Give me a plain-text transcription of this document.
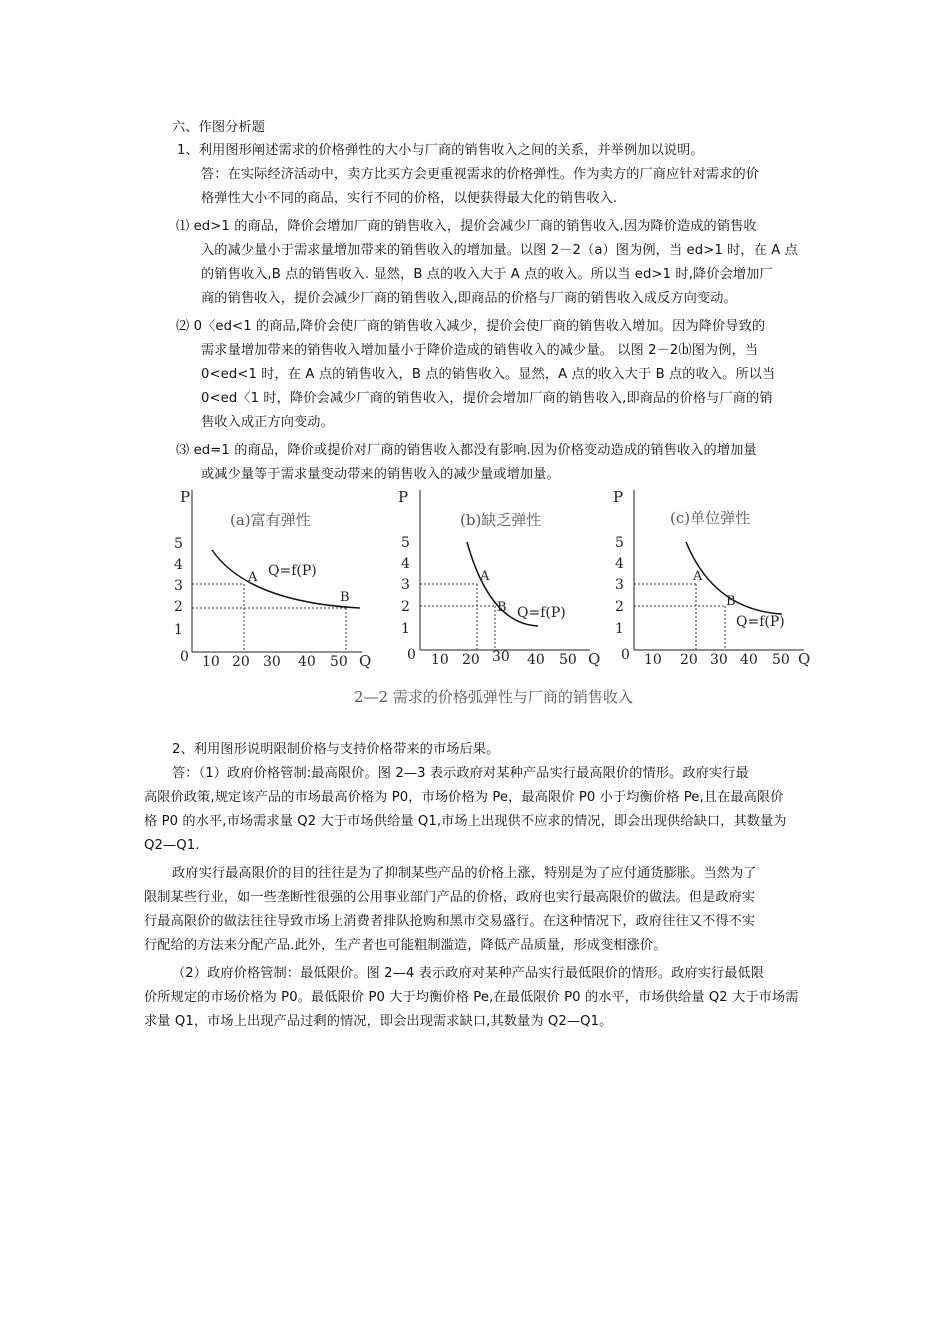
六、作图分析题
1、利用图形阐述需求的价格弹性的大小与厂商的销售收入之间的关系，并举例加以说明。
答：在实际经济活动中，卖方比买方会更重视需求的价格弹性。作为卖方的厂商应针对需求的价
格弹性大小不同的商品，实行不同的价格，以便获得最大化的销售收入.
⑴ ed>1 的商品，降价会增加厂商的销售收入，提价会减少厂商的销售收入.因为降价造成的销售收
入的减少量小于需求量增加带来的销售收入的增加量。以图 2－2（a）图为例，当 ed>1 时，在 A 点
的销售收入,B 点的销售收入. 显然，B 点的收入大于 A 点的收入。所以当 ed>1 时,降价会增加厂
商的销售收入，提价会减少厂商的销售收入,即商品的价格与厂商的销售收入成反方向变动。
⑵ 0〈ed<1 的商品,降价会使厂商的销售收入减少，提价会使厂商的销售收入增加。因为降价导致的
需求量增加带来的销售收入增加量小于降价造成的销售收入的减少量。 以图 2－2⒝图为例，当
0<ed<1 时，在 A 点的销售收入，B 点的销售收入。显然，A 点的收入大于 B 点的收入。所以当
0<ed〈1 时，降价会减少厂商的销售收入，提价会增加厂商的销售收入,即商品的价格与厂商的销
售收入成正方向变动。
⑶ ed=1 的商品，降价或提价对厂商的销售收入都没有影响.因为价格变动造成的销售收入的增加量
或减少量等于需求量变动带来的销售收入的减少量或增加量。
P
(a)富有弹性
5
4
3
2
1
0 10 20 30 40 50 Q
A
B
Q=f(P)
P
(b)缺乏弹性
5
4
3
2
1
0 10 20 30 40 50 Q
A
B Q=f(P)
P
(c)单位弹性
5
4
3
2
1
0 10 20 30 40 50 Q
A
B
Q=f(P)
2—2 需求的价格弧弹性与厂商的销售收入
2、利用图形说明限制价格与支持价格带来的市场后果。
答：（1）政府价格管制:最高限价。图 2—3 表示政府对某种产品实行最高限价的情形。政府实行最
高限价政策,规定该产品的市场最高价格为 P0，市场价格为 Pe，最高限价 P0 小于均衡价格 Pe,且在最高限价
格 P0 的水平,市场需求量 Q2 大于市场供给量 Q1,市场上出现供不应求的情况，即会出现供给缺口，其数量为
Q2—Q1.
政府实行最高限价的目的往往是为了抑制某些产品的价格上涨，特别是为了应付通货膨胀。当然为了
限制某些行业，如一些垄断性很强的公用事业部门产品的价格，政府也实行最高限价的做法。但是政府实
行最高限价的做法往往导致市场上消费者排队抢购和黑市交易盛行。在这种情况下，政府往往又不得不实
行配给的方法来分配产品.此外，生产者也可能粗制滥造，降低产品质量，形成变相涨价。
（2）政府价格管制：最低限价。图 2—4 表示政府对某种产品实行最低限价的情形。政府实行最低限
价所规定的市场价格为 P0。最低限价 P0 大于均衡价格 Pe,在最低限价 P0 的水平，市场供给量 Q2 大于市场需
求量 Q1，市场上出现产品过剩的情况，即会出现需求缺口,其数量为 Q2—Q1。
